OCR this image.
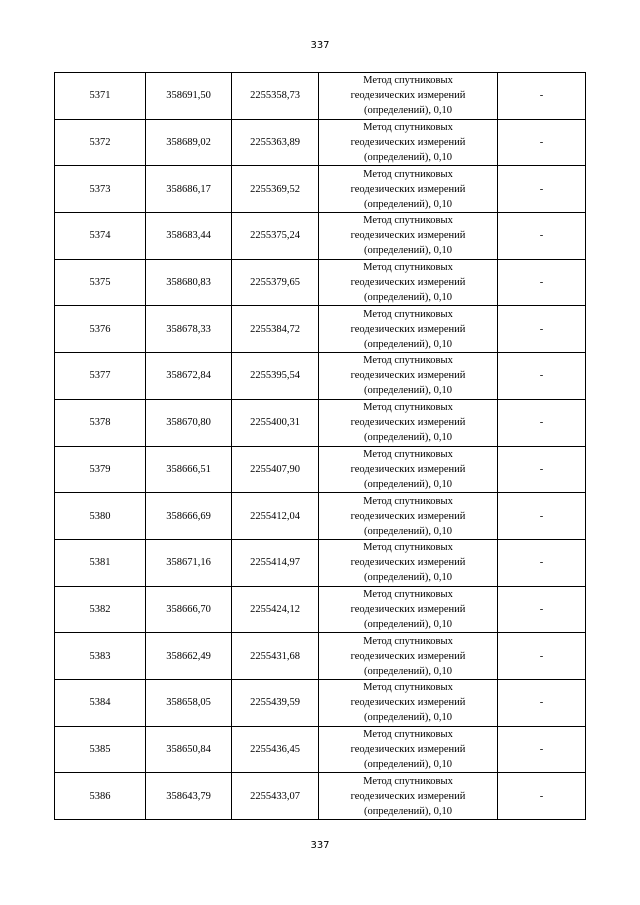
337
5371	358691,50	2255358,73	Метод спутниковых
геодезических измерений
(определений), 0,10	-
5372	358689,02	2255363,89	Метод спутниковых
геодезических измерений
(определений), 0,10	-
5373	358686,17	2255369,52	Метод спутниковых
геодезических измерений
(определений), 0,10	-
5374	358683,44	2255375,24	Метод спутниковых
геодезических измерений
(определений), 0,10	-
5375	358680,83	2255379,65	Метод спутниковых
геодезических измерений
(определений), 0,10	-
5376	358678,33	2255384,72	Метод спутниковых
геодезических измерений
(определений), 0,10	-
5377	358672,84	2255395,54	Метод спутниковых
геодезических измерений
(определений), 0,10	-
5378	358670,80	2255400,31	Метод спутниковых
геодезических измерений
(определений), 0,10	-
5379	358666,51	2255407,90	Метод спутниковых
геодезических измерений
(определений), 0,10	-
5380	358666,69	2255412,04	Метод спутниковых
геодезических измерений
(определений), 0,10	-
5381	358671,16	2255414,97	Метод спутниковых
геодезических измерений
(определений), 0,10	-
5382	358666,70	2255424,12	Метод спутниковых
геодезических измерений
(определений), 0,10	-
5383	358662,49	2255431,68	Метод спутниковых
геодезических измерений
(определений), 0,10	-
5384	358658,05	2255439,59	Метод спутниковых
геодезических измерений
(определений), 0,10	-
5385	358650,84	2255436,45	Метод спутниковых
геодезических измерений
(определений), 0,10	-
5386	358643,79	2255433,07	Метод спутниковых
геодезических измерений
(определений), 0,10	-
337
